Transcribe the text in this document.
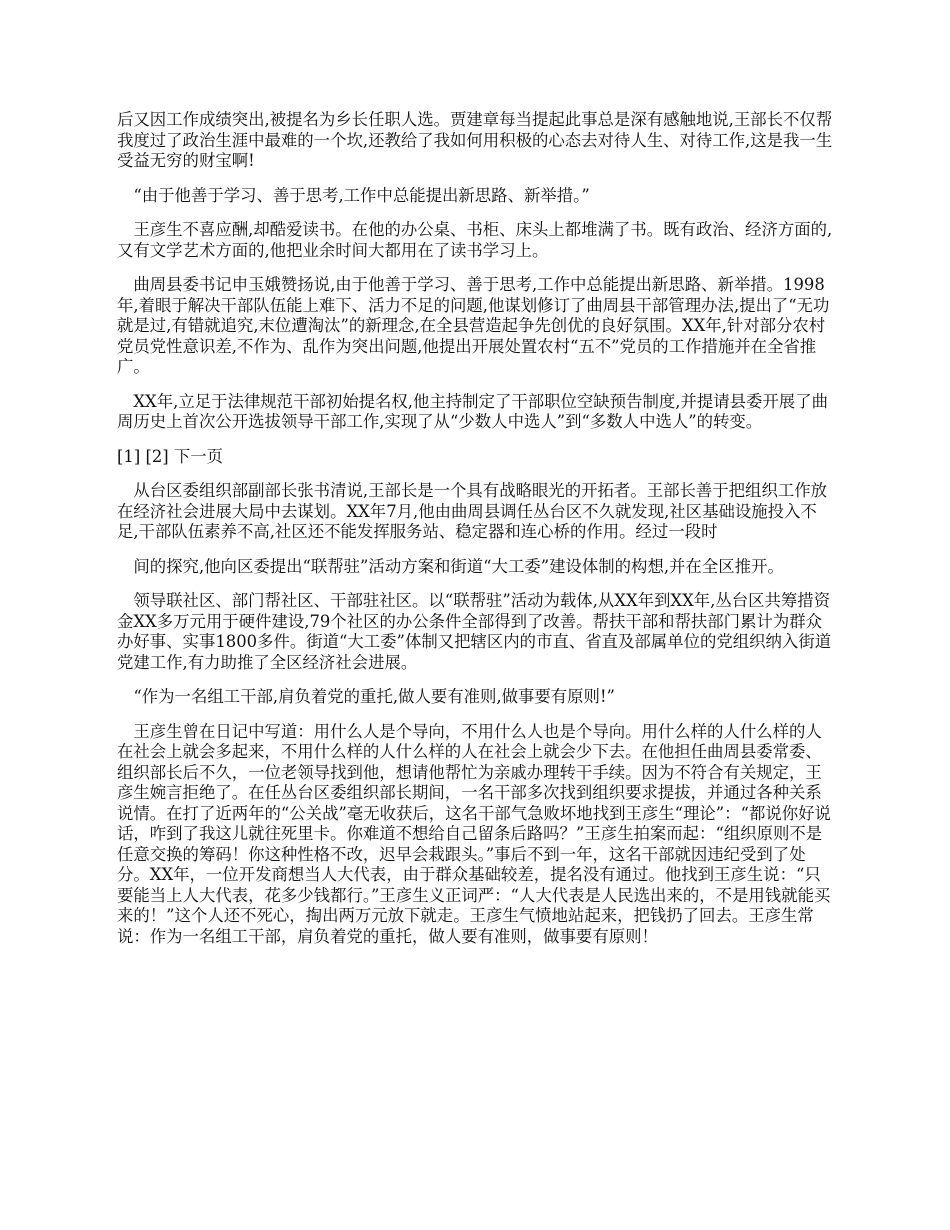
后又因工作成绩突出,被提名为乡长任职人选。贾建章每当提起此事总是深有感触地说,王部长不仅帮我度过了政治生涯中最难的一个坎,还教给了我如何用积极的心态去对待人生、对待工作,这是我一生受益无穷的财宝啊!

“由于他善于学习、善于思考,工作中总能提出新思路、新举措。”

王彦生不喜应酬,却酷爱读书。在他的办公桌、书柜、床头上都堆满了书。既有政治、经济方面的,又有文学艺术方面的,他把业余时间大都用在了读书学习上。

曲周县委书记申玉娥赞扬说,由于他善于学习、善于思考,工作中总能提出新思路、新举措。1998年,着眼于解决干部队伍能上难下、活力不足的问题,他谋划修订了曲周县干部管理办法,提出了“无功就是过,有错就追究,末位遭淘汰”的新理念,在全县营造起争先创优的良好氛围。XX年,针对部分农村党员党性意识差,不作为、乱作为突出问题,他提出开展处置农村“五不”党员的工作措施并在全省推广。

XX年,立足于法律规范干部初始提名权,他主持制定了干部职位空缺预告制度,并提请县委开展了曲周历史上首次公开选拔领导干部工作,实现了从“少数人中选人”到“多数人中选人”的转变。

[1] [2] 下一页

从台区委组织部副部长张书清说,王部长是一个具有战略眼光的开拓者。王部长善于把组织工作放在经济社会进展大局中去谋划。XX年7月,他由曲周县调任丛台区不久就发现,社区基础设施投入不足,干部队伍素养不高,社区还不能发挥服务站、稳定器和连心桥的作用。经过一段时

间的探究,他向区委提出“联帮驻”活动方案和街道“大工委”建设体制的构想,并在全区推开。

领导联社区、部门帮社区、干部驻社区。以“联帮驻”活动为载体,从XX年到XX年,丛台区共筹措资金XX多万元用于硬件建设,79个社区的办公条件全部得到了改善。帮扶干部和帮扶部门累计为群众办好事、实事1800多件。街道“大工委”体制又把辖区内的市直、省直及部属单位的党组织纳入街道党建工作,有力助推了全区经济社会进展。

“作为一名组工干部,肩负着党的重托,做人要有准则,做事要有原则!”

王彦生曾在日记中写道：用什么人是个导向，不用什么人也是个导向。用什么样的人什么样的人在社会上就会多起来，不用什么样的人什么样的人在社会上就会少下去。在他担任曲周县委常委、组织部长后不久，一位老领导找到他，想请他帮忙为亲戚办理转干手续。因为不符合有关规定，王彦生婉言拒绝了。在任丛台区委组织部长期间，一名干部多次找到组织要求提拔，并通过各种关系说情。在打了近两年的“公关战”毫无收获后，这名干部气急败坏地找到王彦生“理论”：“都说你好说话，咋到了我这儿就往死里卡。你难道不想给自己留条后路吗？”王彦生拍案而起：“组织原则不是任意交换的筹码！你这种性格不改，迟早会栽跟头。”事后不到一年，这名干部就因违纪受到了处分。XX年，一位开发商想当人大代表，由于群众基础较差，提名没有通过。他找到王彦生说：“只要能当上人大代表，花多少钱都行。”王彦生义正词严：“人大代表是人民选出来的，不是用钱就能买来的！”这个人还不死心，掏出两万元放下就走。王彦生气愤地站起来，把钱扔了回去。王彦生常说：作为一名组工干部，肩负着党的重托，做人要有准则，做事要有原则！
